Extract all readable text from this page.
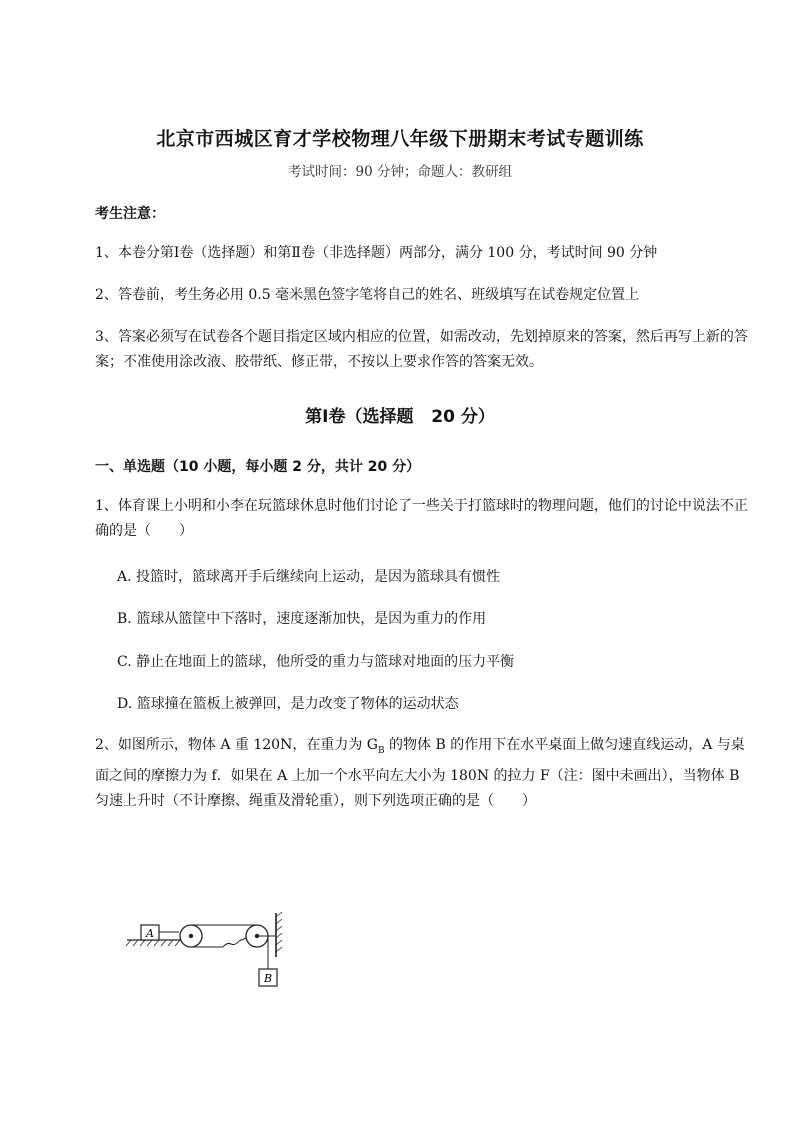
北京市西城区育才学校物理八年级下册期末考试专题训练
考试时间：90 分钟；命题人：教研组
考生注意：
1、本卷分第Ⅰ卷（选择题）和第Ⅱ卷（非选择题）两部分，满分 100 分，考试时间 90 分钟
2、答卷前，考生务必用 0.5 毫米黑色签字笔将自己的姓名、班级填写在试卷规定位置上
3、答案必须写在试卷各个题目指定区域内相应的位置，如需改动，先划掉原来的答案，然后再写上新的答案；不准使用涂改液、胶带纸、修正带，不按以上要求作答的答案无效。
第Ⅰ卷（选择题   20 分）
一、单选题（10 小题，每小题 2 分，共计 20 分）
1、体育课上小明和小李在玩篮球休息时他们讨论了一些关于打篮球时的物理问题，他们的讨论中说法不正确的是（　　）
A. 投篮时，篮球离开手后继续向上运动，是因为篮球具有惯性
B. 篮球从篮筐中下落时，速度逐渐加快，是因为重力的作用
C. 静止在地面上的篮球，他所受的重力与篮球对地面的压力平衡
D. 篮球撞在篮板上被弹回，是力改变了物体的运动状态
2、如图所示，物体 A 重 120N，在重力为 $G_B$ 的物体 B 的作用下在水平桌面上做匀速直线运动，A 与桌面之间的摩擦力为 f．如果在 A 上加一个水平向左大小为 180N 的拉力 F（注：图中未画出），当物体 B 匀速上升时（不计摩擦、绳重及滑轮重），则下列选项正确的是（　　）
A
B
